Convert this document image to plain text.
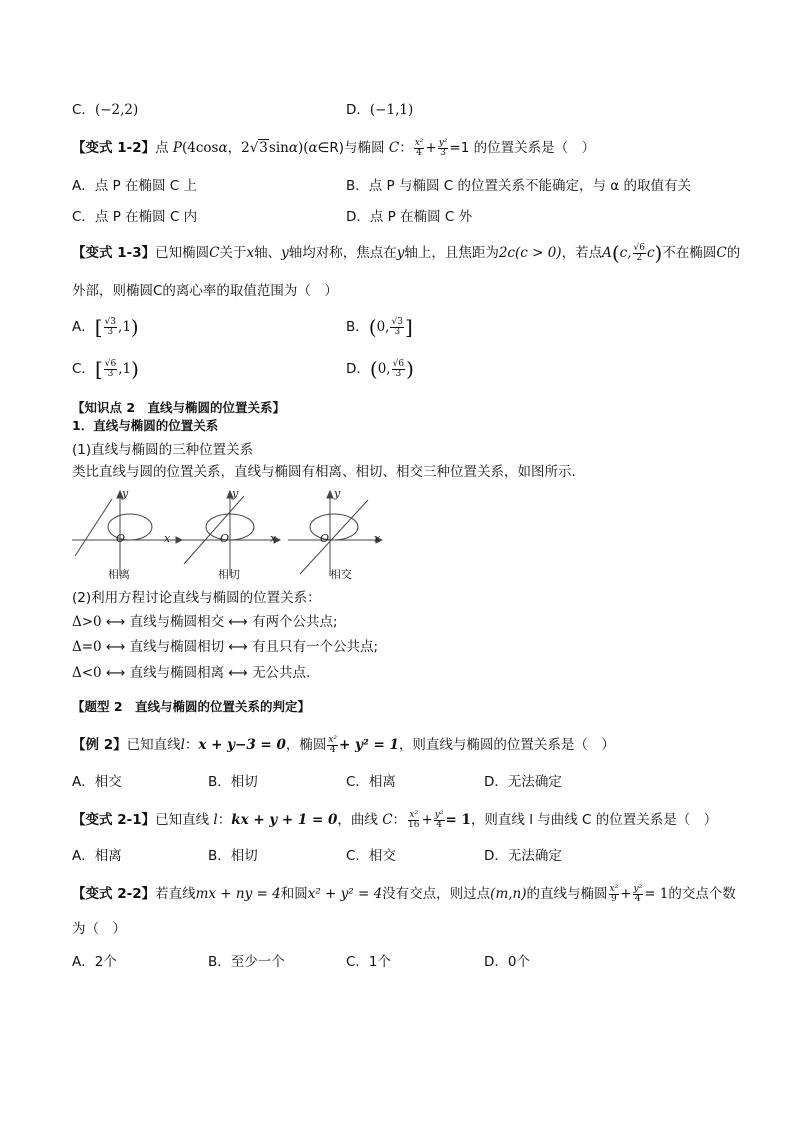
C．(−2,2)	D．(−1,1)
【变式 1-2】点 P(4cosα，2√3sinα)(α∈R)与椭圆 C： $\frac{\text{x²}}{4} + \frac{\text{y²}}{3} =1$ 的位置关系是（　）
A．点 P 在椭圆 C 上	B．点 P 与椭圆 C 的位置关系不能确定，与 α 的取值有关
C．点 P 在椭圆 C 内	D．点 P 在椭圆 C 外
【变式 1-3】已知椭圆C关于x轴、y轴均对称，焦点在y轴上，且焦距为2c(c > 0)，若点A(c, $\frac{√6}{2} c$)不在椭圆C的
外部，则椭圆C的离心率的取值范围为（　）
A．[ $\frac{√3}{3} ,1$)	B．(0, $\frac{√3}{3}$ ]
C．[ $\frac{√6}{3} ,1$)	D．(0, $\frac{√6}{3}$ )
【知识点 2　直线与椭圆的位置关系】
1．直线与椭圆的位置关系
(1)直线与椭圆的三种位置关系
类比直线与圆的位置关系，直线与椭圆有相离、相切、相交三种位置关系，如图所示.
y
x
O
y
x
O
y
x
O
相离	相切	相交
(2)利用方程讨论直线与椭圆的位置关系：
Δ>0 ⟷ 直线与椭圆相交 ⟷ 有两个公共点;
Δ=0 ⟷ 直线与椭圆相切 ⟷ 有且只有一个公共点;
Δ<0 ⟷ 直线与椭圆相离 ⟷ 无公共点.
【题型 2　直线与椭圆的位置关系的判定】
【例 2】已知直线l：x + y−3 = 0，椭圆 $\frac{\text{x²}}{4} + y^2 = 1$，则直线与椭圆的位置关系是（　）
A．相交	B．相切	C．相离	D．无法确定
【变式 2-1】已知直线 l：kx + y + 1 = 0，曲线 C： $\frac{\text{x²}}{16} + \frac{\text{y²}}{4} = 1$，则直线 l 与曲线 C 的位置关系是（　）
A．相离	B．相切	C．相交	D．无法确定
【变式 2-2】若直线mx + ny = 4和圆x² + y² = 4没有交点，则过点(m,n)的直线与椭圆 $\frac{\text{x²}}{9} + \frac{\text{y²}}{4} = 1$的交点个数
为（　）
A．2个	B．至少一个	C．1个	D．0个
